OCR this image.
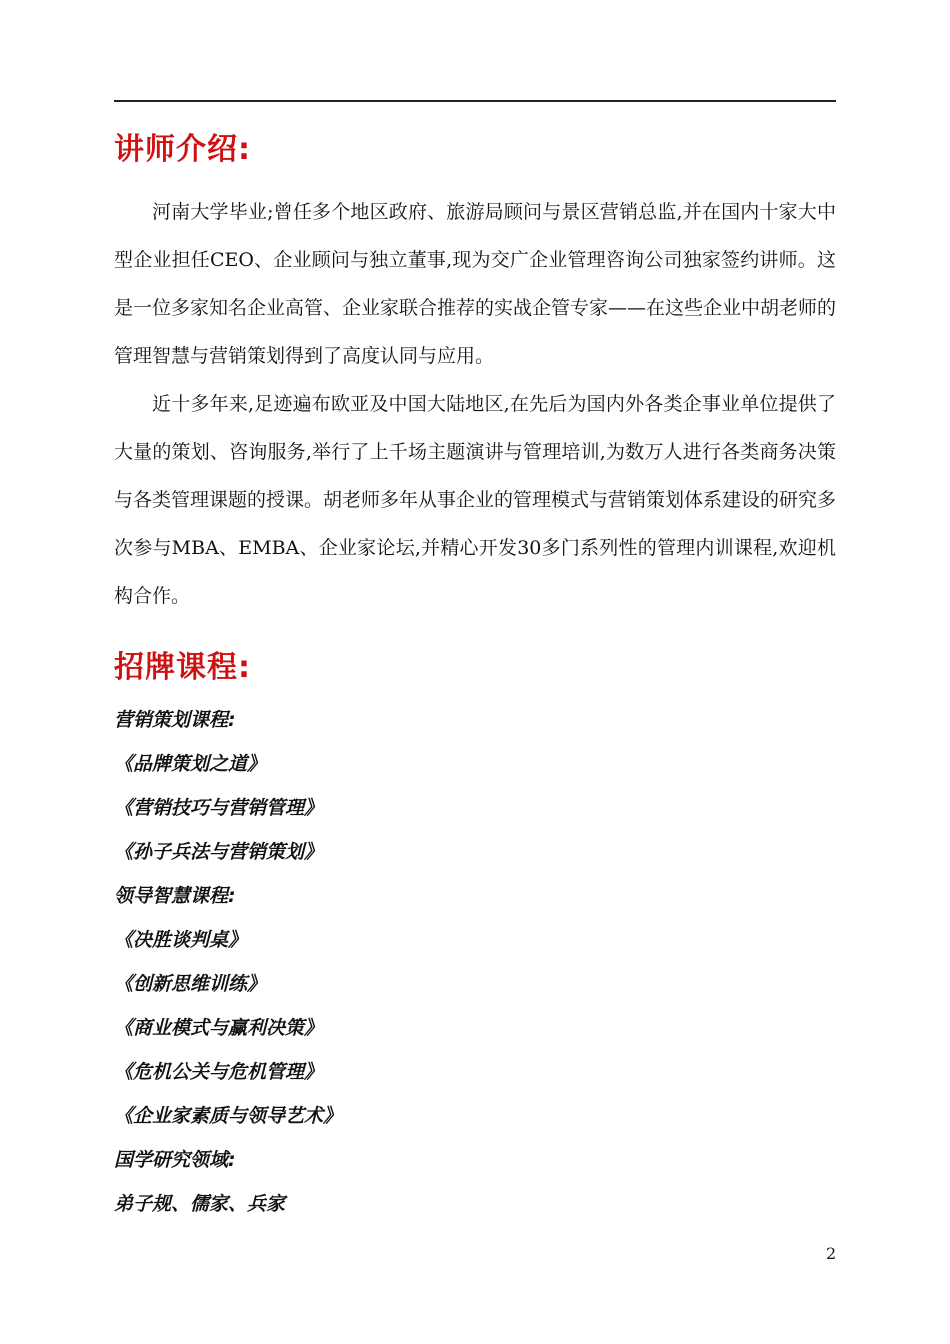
讲师介绍:

河南大学毕业;曾任多个地区政府、旅游局顾问与景区营销总监,并在国内十家大中型企业担任CEO、企业顾问与独立董事,现为交广企业管理咨询公司独家签约讲师。这是一位多家知名企业高管、企业家联合推荐的实战企管专家——在这些企业中胡老师的管理智慧与营销策划得到了高度认同与应用。

近十多年来,足迹遍布欧亚及中国大陆地区,在先后为国内外各类企事业单位提供了大量的策划、咨询服务,举行了上千场主题演讲与管理培训,为数万人进行各类商务决策与各类管理课题的授课。胡老师多年从事企业的管理模式与营销策划体系建设的研究多次参与MBA、EMBA、企业家论坛,并精心开发30多门系列性的管理内训课程,欢迎机构合作。

招牌课程:
营销策划课程:
《品牌策划之道》
《营销技巧与营销管理》
《孙子兵法与营销策划》
领导智慧课程:
《决胜谈判桌》
《创新思维训练》
《商业模式与赢利决策》
《危机公关与危机管理》
《企业家素质与领导艺术》
国学研究领域:
弟子规、儒家、兵家
2
